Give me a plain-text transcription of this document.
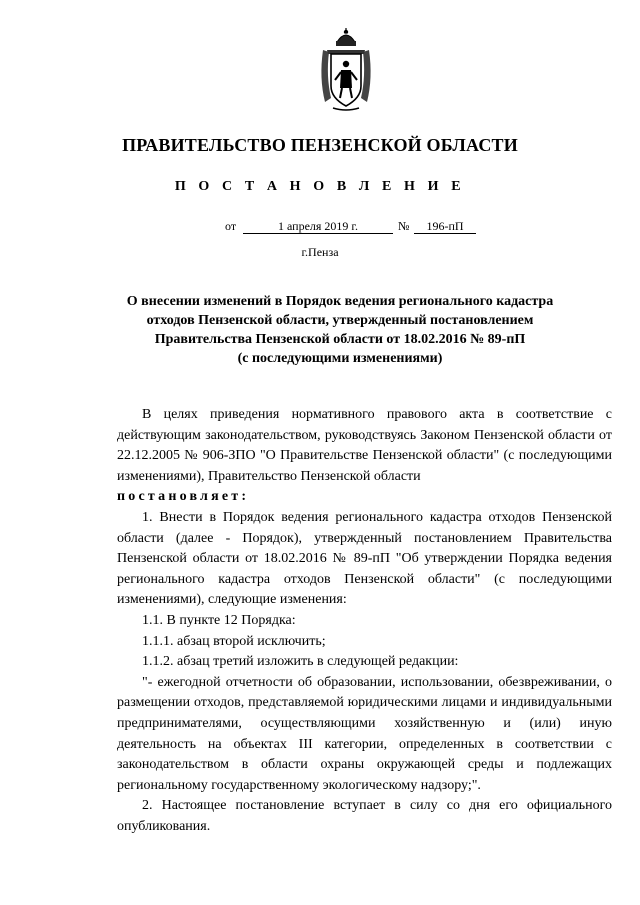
ПРАВИТЕЛЬСТВО ПЕНЗЕНСКОЙ ОБЛАСТИ
П О С Т А Н О В Л Е Н И Е
от	1 апреля 2019 г.	№	196-пП
г.Пенза
О внесении изменений в Порядок ведения регионального кадастра
отходов Пензенской области, утвержденный постановлением
Правительства Пензенской области от 18.02.2016 № 89-пП
(с последующими изменениями)

В целях приведения нормативного правового акта в соответствие с действующим законодательством, руководствуясь Законом Пензенской области от 22.12.2005 № 906-ЗПО "О Правительстве Пензенской области" (с последующими изменениями), Правительство Пензенской области

постановляет:

1. Внести в Порядок ведения регионального кадастра отходов Пензенской области (далее - Порядок), утвержденный постановлением Правительства Пензенской области от 18.02.2016 № 89-пП "Об утверждении Порядка ведения регионального кадастра отходов Пензенской области" (с последующими изменениями), следующие изменения:

1.1. В пункте 12 Порядка:

1.1.1. абзац второй исключить;

1.1.2. абзац третий изложить в следующей редакции:

"- ежегодной отчетности об образовании, использовании, обезвреживании, о размещении отходов, представляемой юридическими лицами и индивидуальными предпринимателями, осуществляющими хозяйственную и (или) иную деятельность на объектах III категории, определенных в соответствии с законодательством в области охраны окружающей среды и подлежащих региональному государственному экологическому надзору;".

2. Настоящее постановление вступает в силу со дня его официального опубликования.
